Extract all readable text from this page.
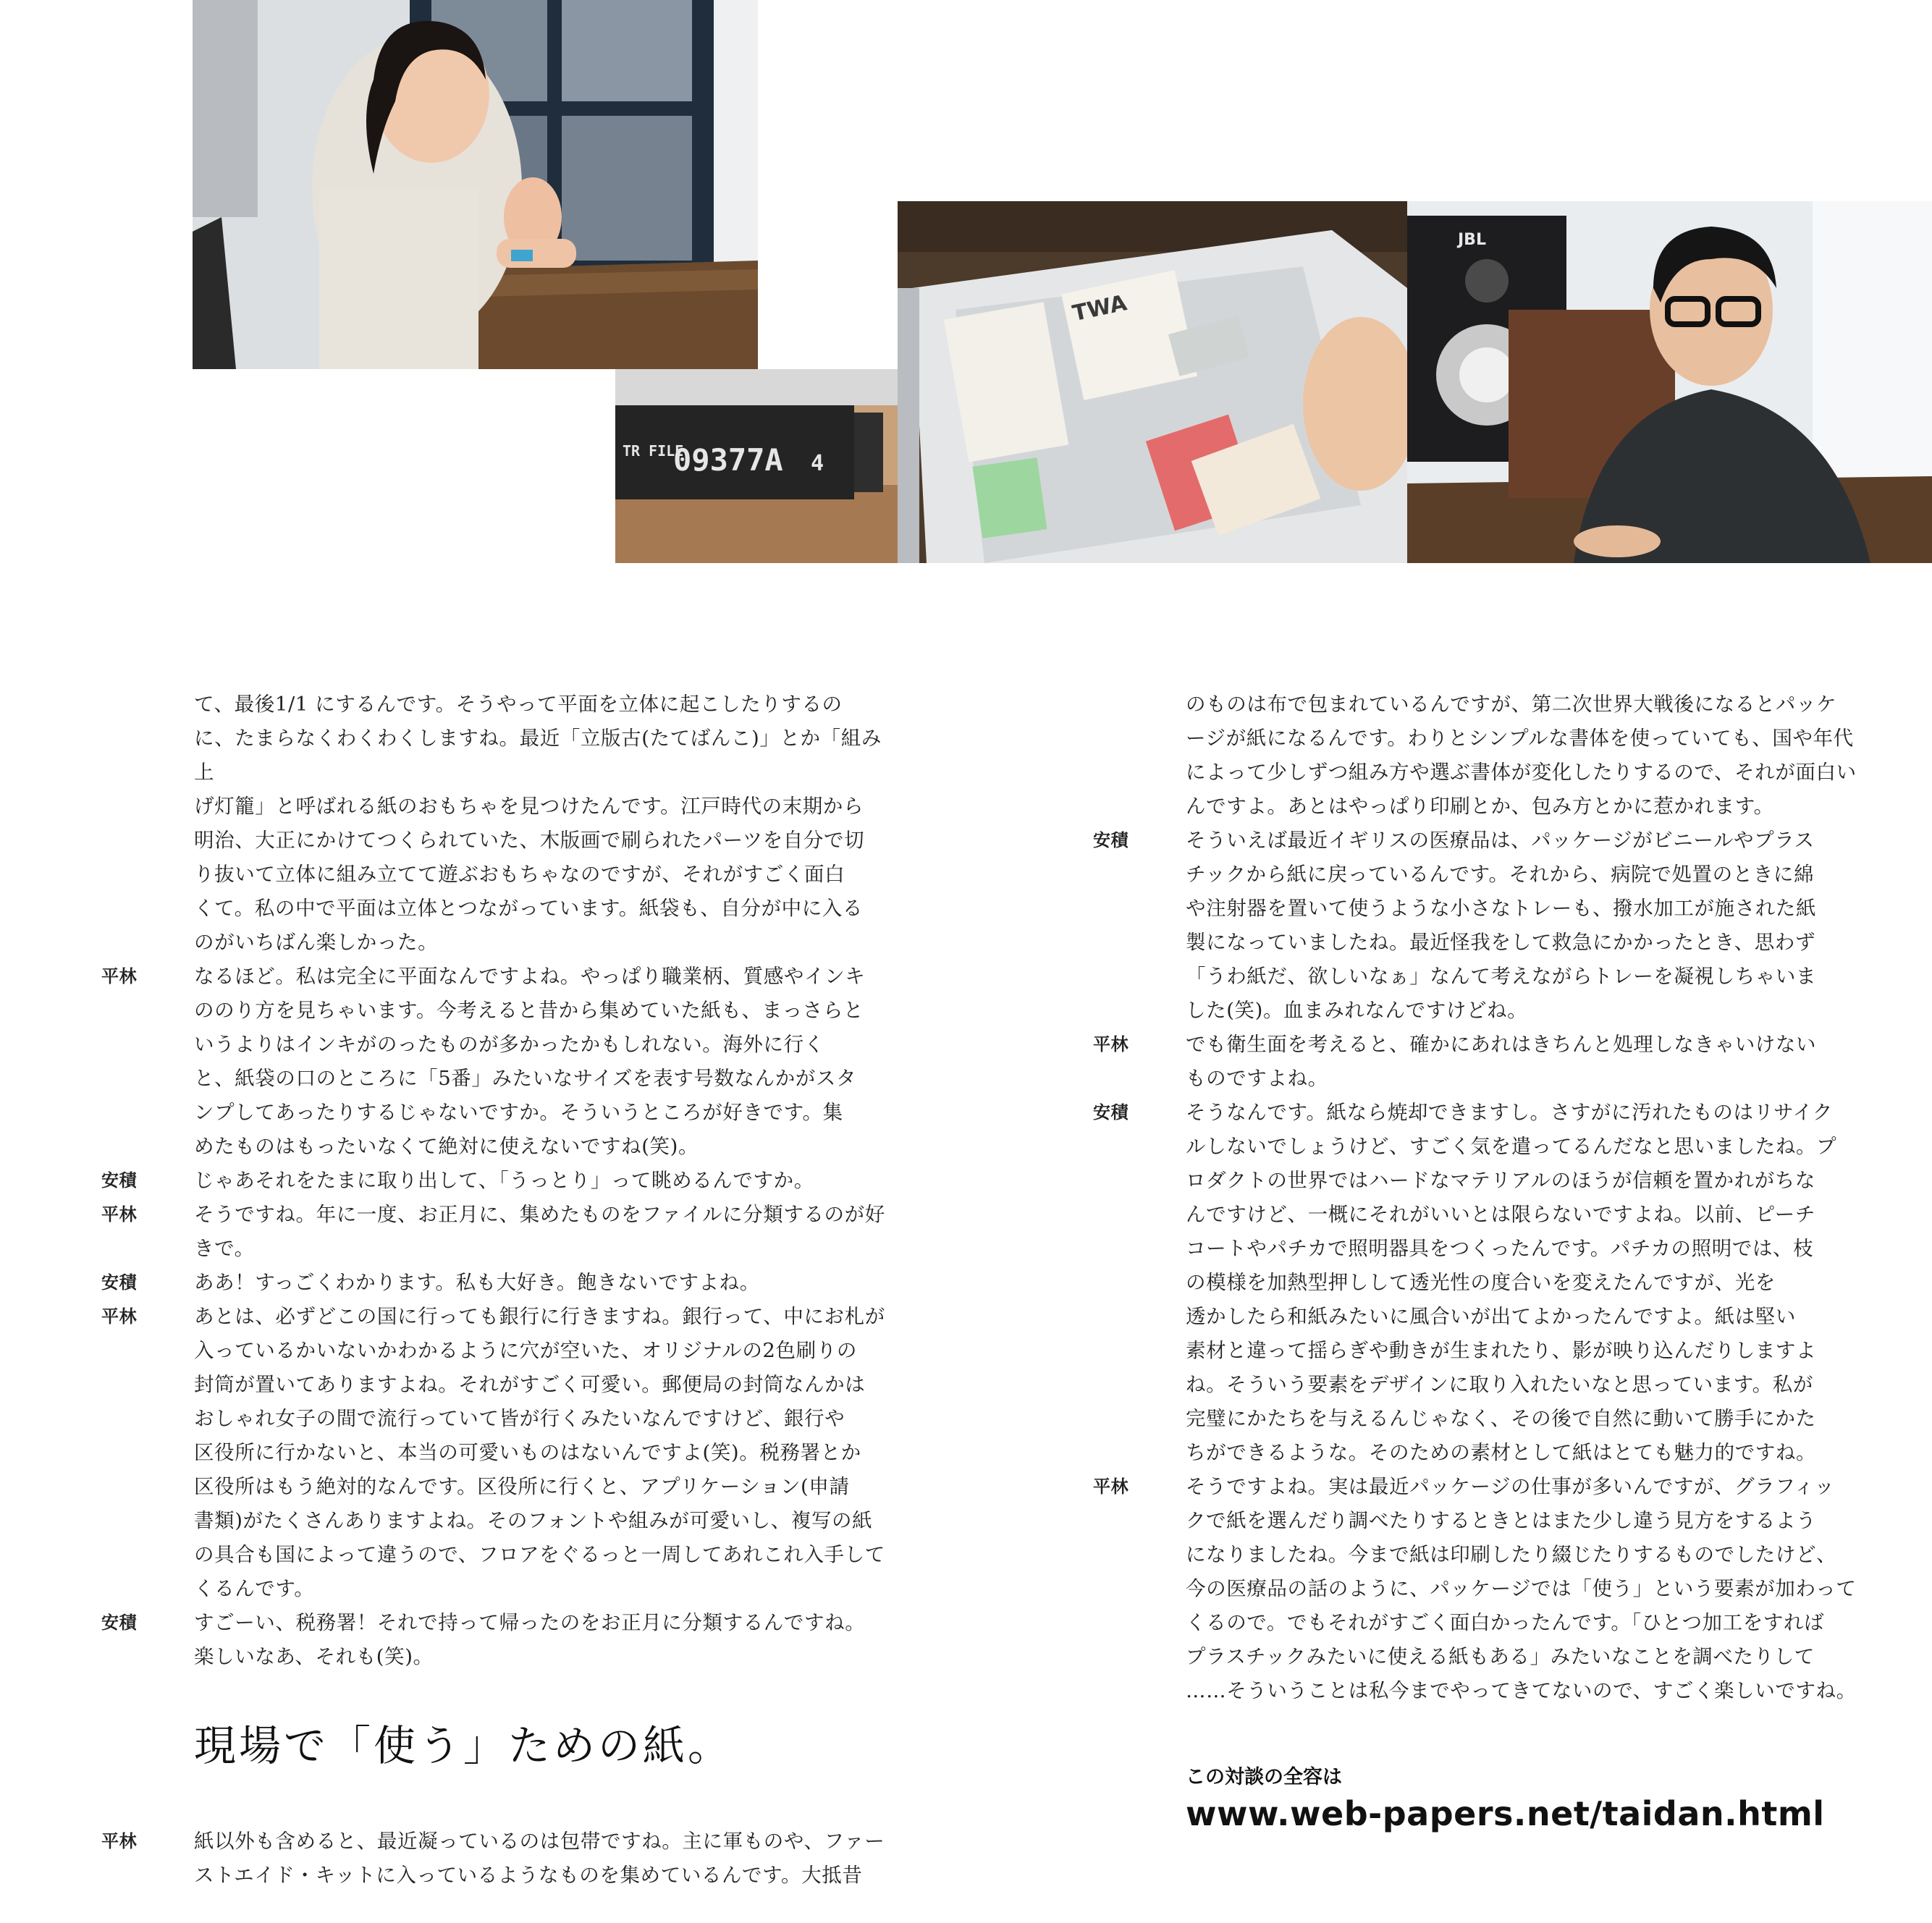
09377A
TR FILE	4
TWA
JBL
て、最後1/1 にするんです。そうやって平面を立体に起こしたりするの
に、たまらなくわくわくしますね。最近「立版古(たてばんこ)」とか「組み上
げ灯籠」と呼ばれる紙のおもちゃを見つけたんです。江戸時代の末期から
明治、大正にかけてつくられていた、木版画で刷られたパーツを自分で切
り抜いて立体に組み立てて遊ぶおもちゃなのですが、それがすごく面白
くて。私の中で平面は立体とつながっています。紙袋も、自分が中に入る
のがいちばん楽しかった。
平林	なるほど。私は完全に平面なんですよね。やっぱり職業柄、質感やインキ
ののり方を見ちゃいます。今考えると昔から集めていた紙も、まっさらと
いうよりはインキがのったものが多かったかもしれない。海外に行く
と、紙袋の口のところに「5番」みたいなサイズを表す号数なんかがスタ
ンプしてあったりするじゃないですか。そういうところが好きです。集
めたものはもったいなくて絶対に使えないですね(笑)。
安積	じゃあそれをたまに取り出して、「うっとり」って眺めるんですか。
平林	そうですね。年に一度、お正月に、集めたものをファイルに分類するのが好きで。
安積	ああ！すっごくわかります。私も大好き。飽きないですよね。
平林	あとは、必ずどこの国に行っても銀行に行きますね。銀行って、中にお札が
入っているかいないかわかるように穴が空いた、オリジナルの2色刷りの
封筒が置いてありますよね。それがすごく可愛い。郵便局の封筒なんかは
おしゃれ女子の間で流行っていて皆が行くみたいなんですけど、銀行や
区役所に行かないと、本当の可愛いものはないんですよ(笑)。税務署とか
区役所はもう絶対的なんです。区役所に行くと、アプリケーション(申請
書類)がたくさんありますよね。そのフォントや組みが可愛いし、複写の紙
の具合も国によって違うので、フロアをぐるっと一周してあれこれ入手して
くるんです。
安積	すごーい、税務署！それで持って帰ったのをお正月に分類するんですね。
楽しいなあ、それも(笑)。
現場で「使う」ための紙。
平林	紙以外も含めると、最近凝っているのは包帯ですね。主に軍ものや、ファー
ストエイド・キットに入っているようなものを集めているんです。大抵昔
のものは布で包まれているんですが、第二次世界大戦後になるとパッケ
ージが紙になるんです。わりとシンプルな書体を使っていても、国や年代
によって少しずつ組み方や選ぶ書体が変化したりするので、それが面白い
んですよ。あとはやっぱり印刷とか、包み方とかに惹かれます。
安積	そういえば最近イギリスの医療品は、パッケージがビニールやプラス
チックから紙に戻っているんです。それから、病院で処置のときに綿
や注射器を置いて使うような小さなトレーも、撥水加工が施された紙
製になっていましたね。最近怪我をして救急にかかったとき、思わず
「うわ紙だ、欲しいなぁ」なんて考えながらトレーを凝視しちゃいま
した(笑)。血まみれなんですけどね。
平林	でも衛生面を考えると、確かにあれはきちんと処理しなきゃいけない
ものですよね。
安積	そうなんです。紙なら焼却できますし。さすがに汚れたものはリサイク
ルしないでしょうけど、すごく気を遣ってるんだなと思いましたね。プ
ロダクトの世界ではハードなマテリアルのほうが信頼を置かれがちな
んですけど、一概にそれがいいとは限らないですよね。以前、ピーチ
コートやパチカで照明器具をつくったんです。パチカの照明では、枝
の模様を加熱型押しして透光性の度合いを変えたんですが、光を
透かしたら和紙みたいに風合いが出てよかったんですよ。紙は堅い
素材と違って揺らぎや動きが生まれたり、影が映り込んだりしますよ
ね。そういう要素をデザインに取り入れたいなと思っています。私が
完璧にかたちを与えるんじゃなく、その後で自然に動いて勝手にかた
ちができるような。そのための素材として紙はとても魅力的ですね。
平林	そうですよね。実は最近パッケージの仕事が多いんですが、グラフィッ
クで紙を選んだり調べたりするときとはまた少し違う見方をするよう
になりましたね。今まで紙は印刷したり綴じたりするものでしたけど、
今の医療品の話のように、パッケージでは「使う」という要素が加わって
くるので。でもそれがすごく面白かったんです。「ひとつ加工をすれば
プラスチックみたいに使える紙もある」みたいなことを調べたりして
……そういうことは私今までやってきてないので、すごく楽しいですね。
この対談の全容は
www.web-papers.net/taidan.html
